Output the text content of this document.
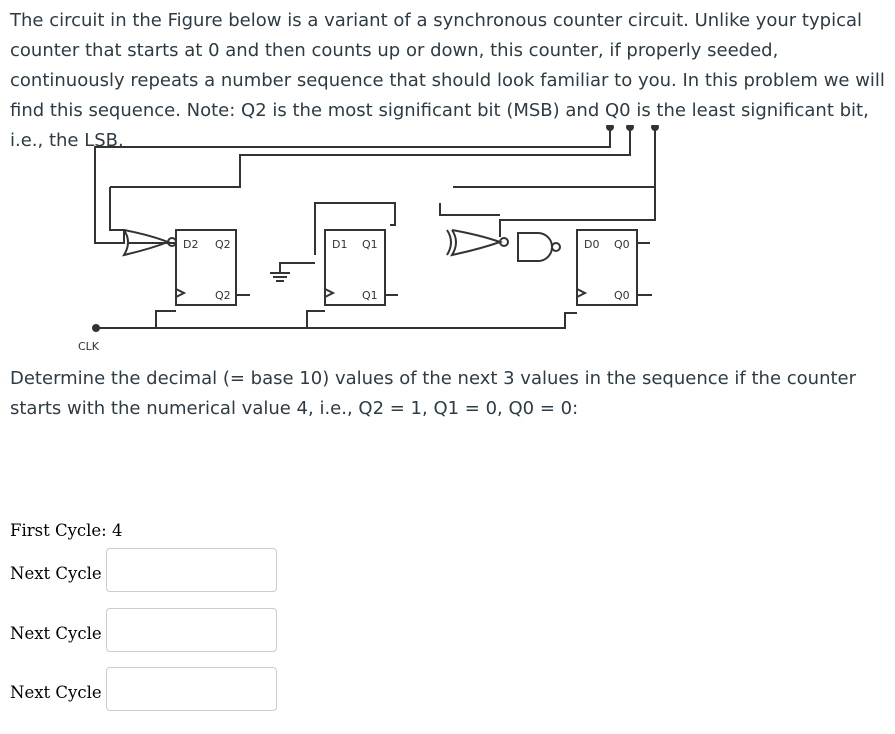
The circuit in the Figure below is a variant of a synchronous counter circuit. Unlike your typical counter that starts at 0 and then counts up or down, this counter, if properly seeded, continuously repeats a number sequence that should look familiar to you. In this problem we will find this sequence. Note: Q2 is the most significant bit (MSB) and Q0 is the least significant bit, i.e., the LSB.

D2 Q2
Q2
D1 Q1
Q1
D0 Q0
Q0
CLK

Determine the decimal (= base 10) values of the next 3 values in the sequence if the counter starts with the numerical value 4, i.e., Q2 = 1, Q1 = 0, Q0 = 0:

First Cycle: 4
Next Cycle
Next Cycle
Next Cycle
